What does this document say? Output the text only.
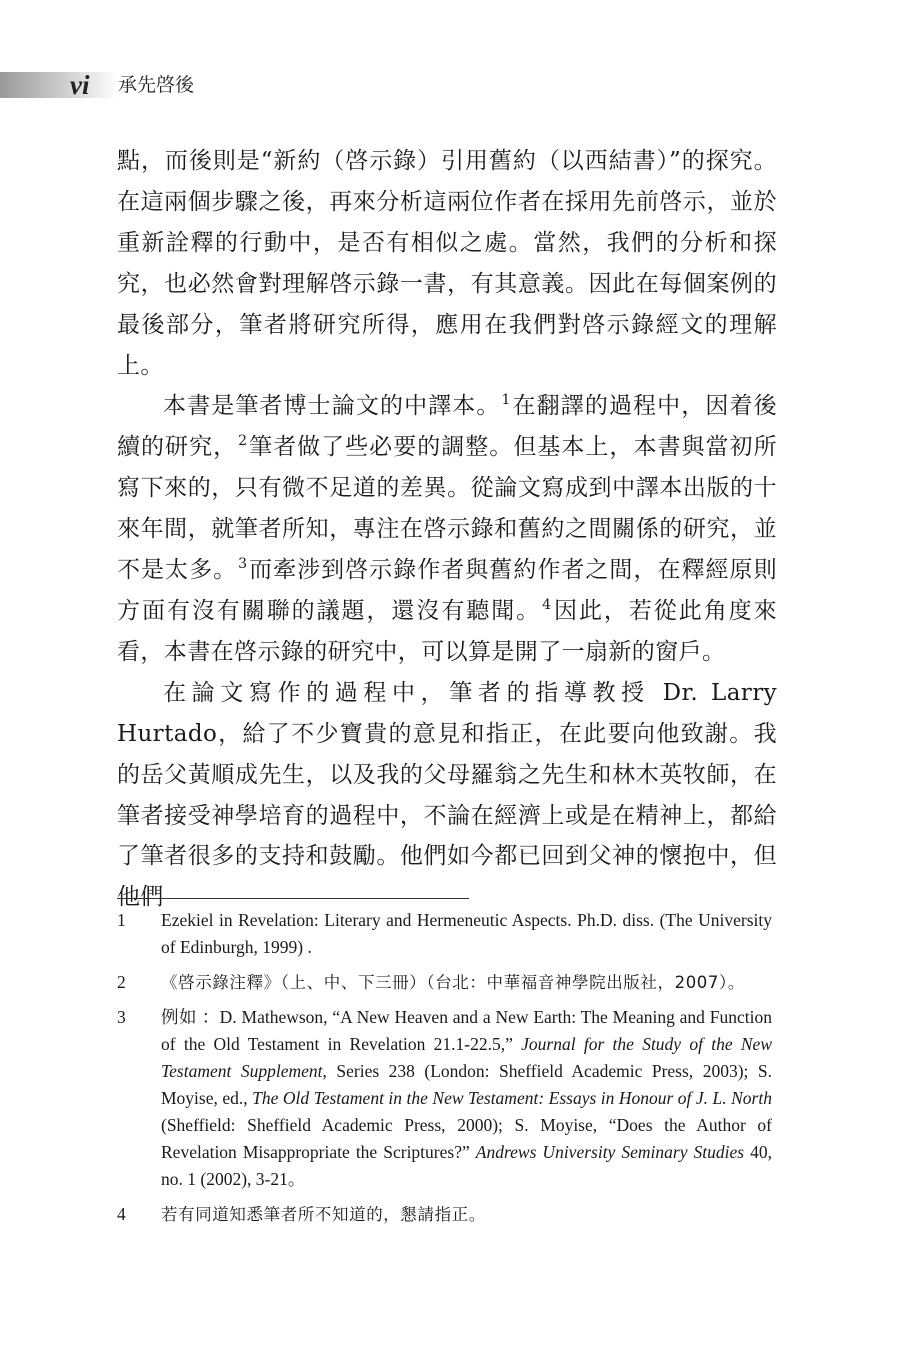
vi 承先啓後

點，而後則是“新約（啓示錄）引用舊約（以西結書）”的探究。在這兩個步驟之後，再來分析這兩位作者在採用先前啓示，並於重新詮釋的行動中，是否有相似之處。當然，我們的分析和探究，也必然會對理解啓示錄一書，有其意義。因此在每個案例的最後部分，筆者將研究所得，應用在我們對啓示錄經文的理解上。

本書是筆者博士論文的中譯本。$^1$在翻譯的過程中，因着後續的研究，$^2$筆者做了些必要的調整。但基本上，本書與當初所寫下來的，只有微不足道的差異。從論文寫成到中譯本出版的十來年間，就筆者所知，專注在啓示錄和舊約之間關係的研究，並不是太多。$^3$而牽涉到啓示錄作者與舊約作者之間，在釋經原則方面有沒有關聯的議題，還沒有聽聞。$^4$因此，若從此角度來看，本書在啓示錄的研究中，可以算是開了一扇新的窗戶。

在論文寫作的過程中，筆者的指導教授 Dr. Larry Hurtado，給了不少寶貴的意見和指正，在此要向他致謝。我的岳父黃順成先生，以及我的父母羅翁之先生和林木英牧師，在筆者接受神學培育的過程中，不論在經濟上或是在精神上，都給了筆者很多的支持和鼓勵。他們如今都已回到父神的懷抱中，但他們

1	Ezekiel in Revelation: Literary and Hermeneutic Aspects. Ph.D. diss. (The University of Edinburgh, 1999) .
2	《啓示錄注釋》（上、中、下三冊）（台北：中華福音神學院出版社，2007）。
3	例如 ：D. Mathewson, “A New Heaven and a New Earth: The Meaning and Function of the Old Testament in Revelation 21.1-22.5,” Journal for the Study of the New Testament Supplement, Series 238 (London: Sheffield Academic Press, 2003); S. Moyise, ed., The Old Testament in the New Testament: Essays in Honour of J. L. North (Sheffield: Sheffield Academic Press, 2000); S. Moyise, “Does the Author of Revelation Misappropriate the Scriptures?” Andrews University Seminary Studies 40, no. 1 (2002), 3-21。
4	若有同道知悉筆者所不知道的，懇請指正。
